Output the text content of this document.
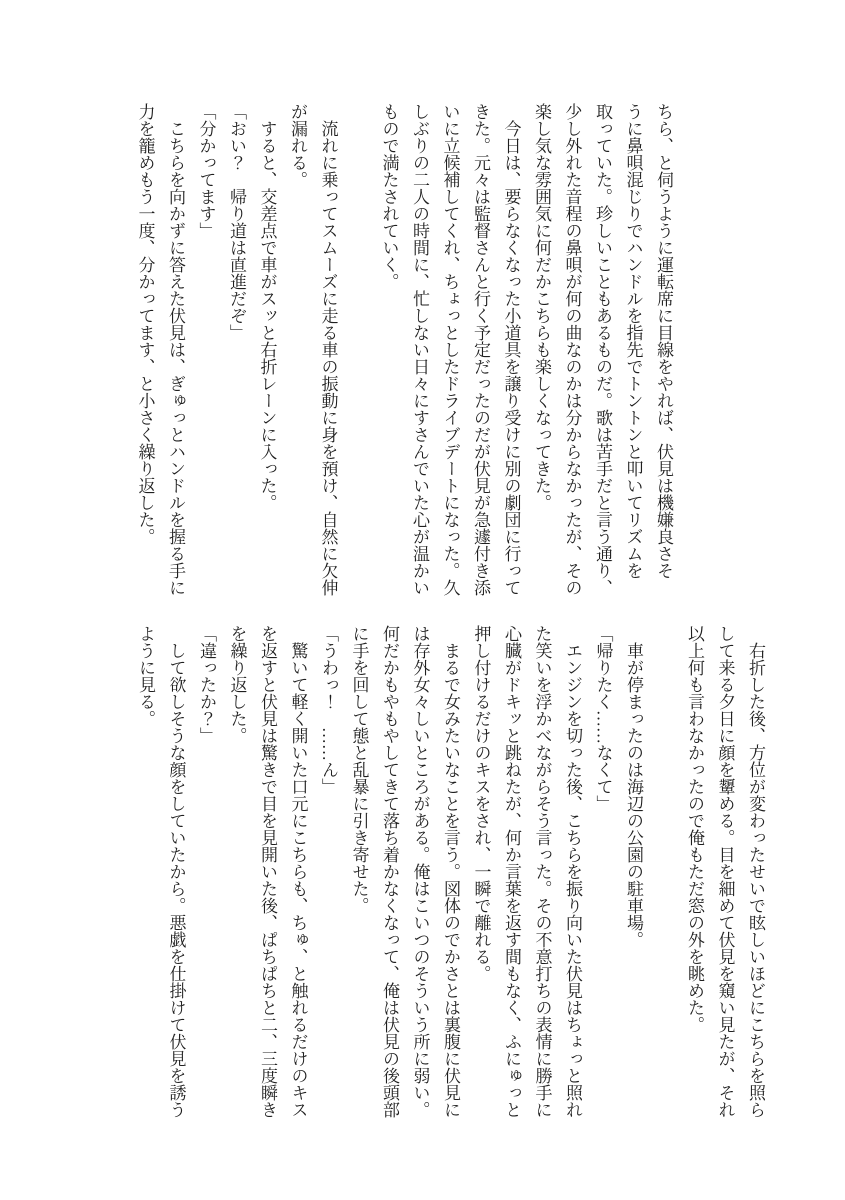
ちら、と伺うように運転席に目線をやれば、伏見は機嫌良さそ

うに鼻唄混じりでハンドルを指先でトントンと叩いてリズムを

取っていた。珍しいこともあるものだ。歌は苦手だと言う通り、

少し外れた音程の鼻唄が何の曲なのかは分からなかったが、その

楽し気な雰囲気に何だかこちらも楽しくなってきた。

　今日は、要らなくなった小道具を譲り受けに別の劇団に行って

きた。元々は監督さんと行く予定だったのだが伏見が急遽付き添

いに立候補してくれ、ちょっとしたドライブデートになった。久

しぶりの二人の時間に、忙しない日々にすさんでいた心が温かい

もので満たされていく。

　流れに乗ってスムーズに走る車の振動に身を預け、自然に欠伸

が漏れる。

　すると、交差点で車がスッと右折レーンに入った。

「おい？　帰り道は直進だぞ」

「分かってます」

　こちらを向かずに答えた伏見は、ぎゅっとハンドルを握る手に

力を籠めもう一度、分かってます、と小さく繰り返した。

　右折した後、方位が変わったせいで眩しいほどにこちらを照ら

して来る夕日に顔を顰める。目を細めて伏見を窺い見たが、それ

以上何も言わなかったので俺もただ窓の外を眺めた。

　車が停まったのは海辺の公園の駐車場。

「帰りたく……なくて」

　エンジンを切った後、こちらを振り向いた伏見はちょっと照れ

た笑いを浮かべながらそう言った。その不意打ちの表情に勝手に

心臓がドキッと跳ねたが、何か言葉を返す間もなく、ふにゅっと

押し付けるだけのキスをされ、一瞬で離れる。

　まるで女みたいなことを言う。図体のでかさとは裏腹に伏見に

は存外女々しいところがある。俺はこいつのそういう所に弱い。

何だかもやもやしてきて落ち着かなくなって、俺は伏見の後頭部

に手を回して態と乱暴に引き寄せた。

「うわっ！　……ん」

　驚いて軽く開いた口元にこちらも、ちゅ、と触れるだけのキス

を返すと伏見は驚きで目を見開いた後、ぱちぱちと二、三度瞬き

を繰り返した。

「違ったか？」

　して欲しそうな顔をしていたから。悪戯を仕掛けて伏見を誘う

ように見る。
